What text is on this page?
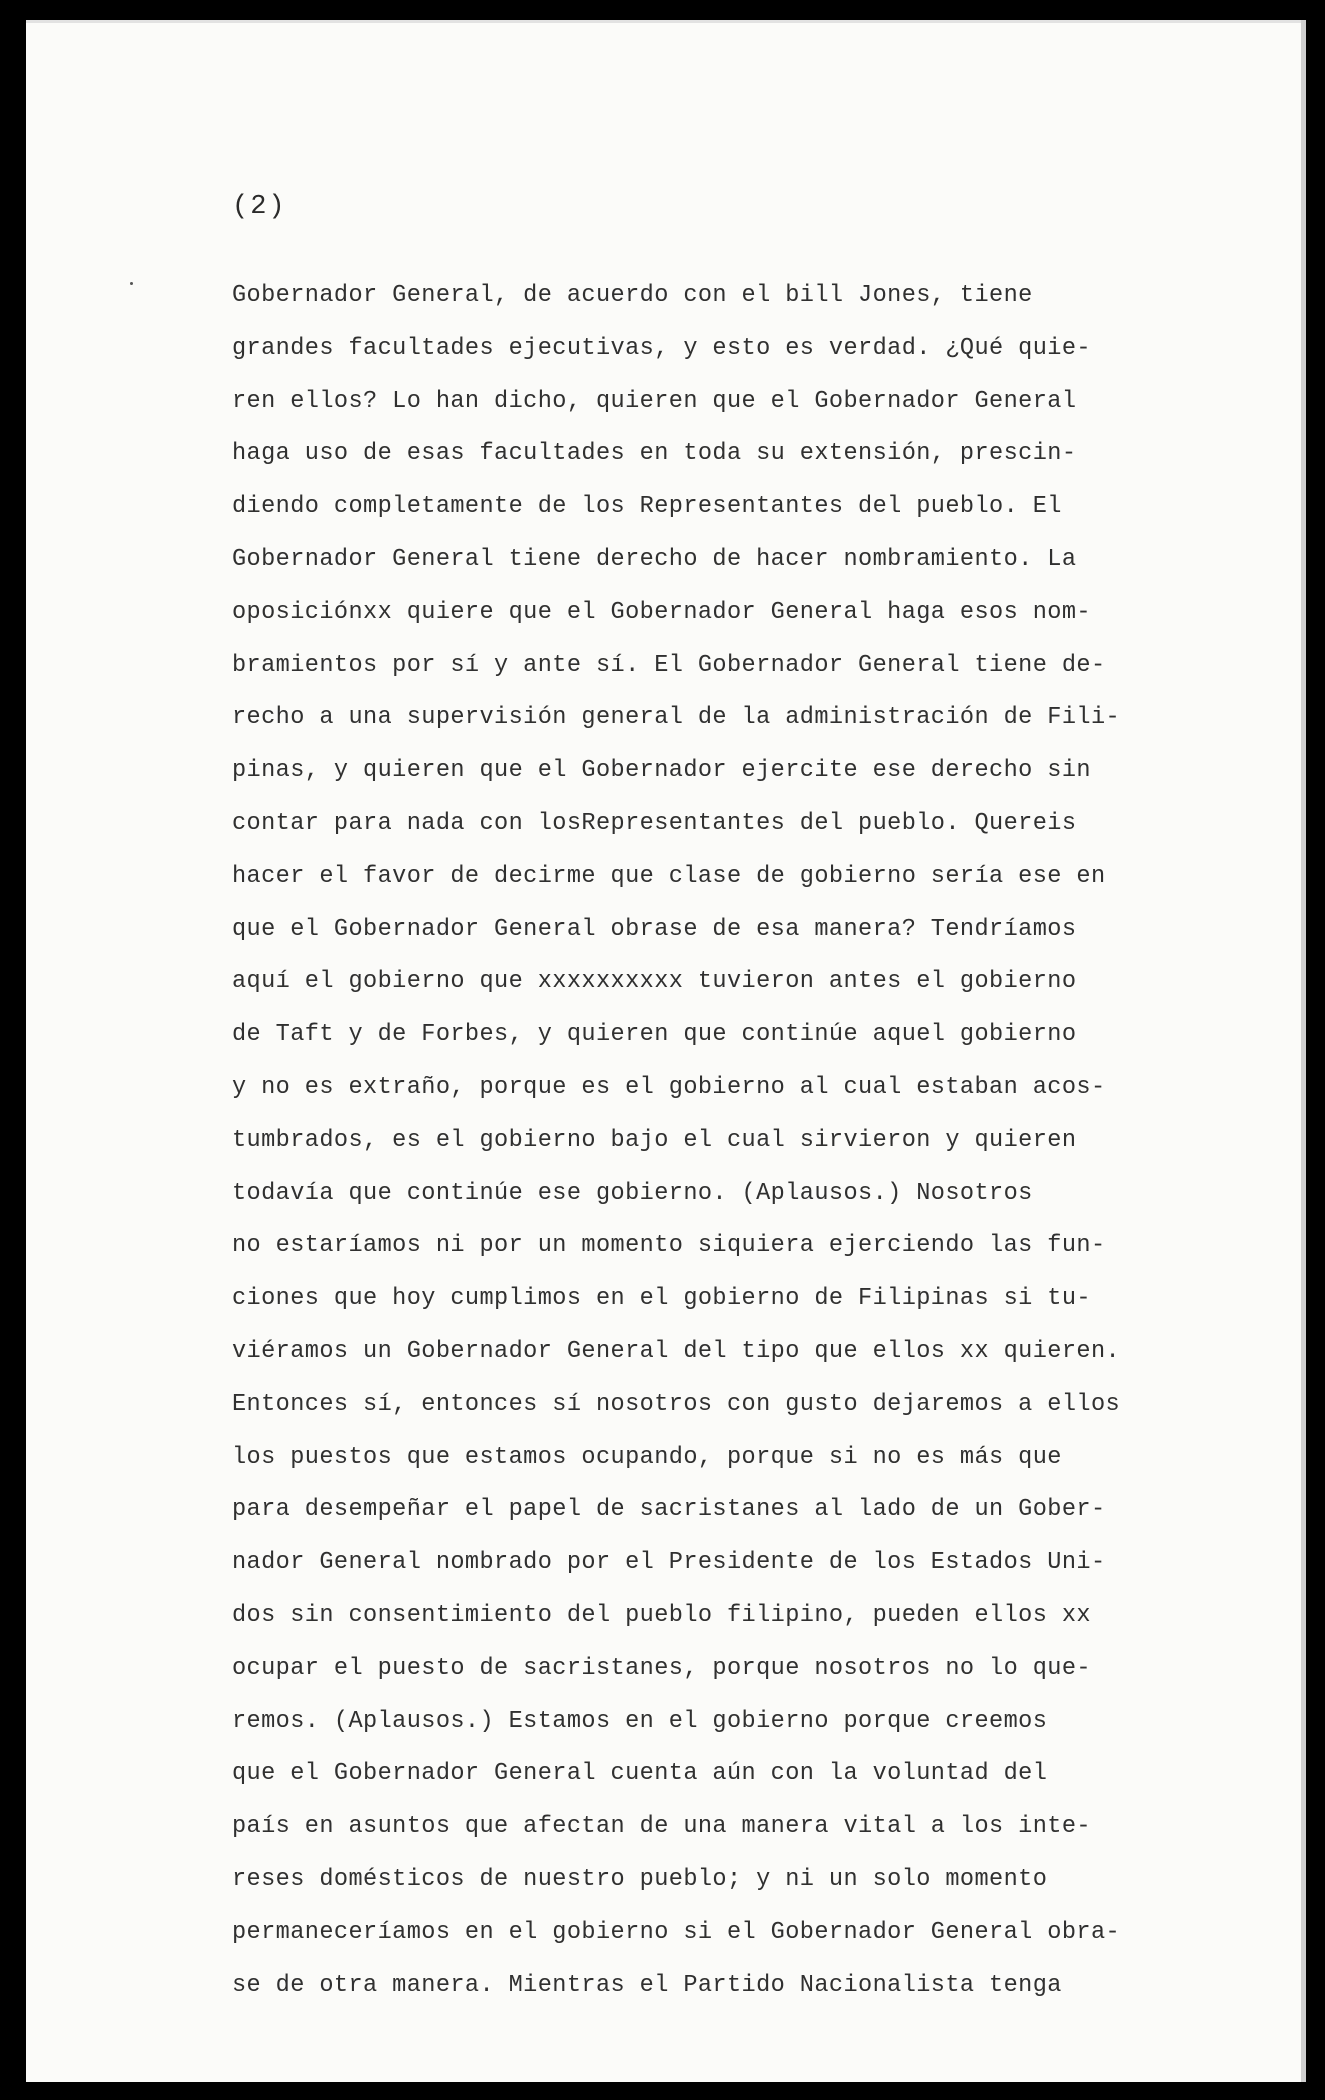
(2)
Gobernador General, de acuerdo con el bill Jones, tiene
grandes facultades ejecutivas, y esto es verdad. ¿Qué quie-
ren ellos? Lo han dicho, quieren que el Gobernador General
haga uso de esas facultades en toda su extensión, prescin-
diendo completamente de los Representantes del pueblo. El
Gobernador General tiene derecho de hacer nombramiento. La
oposiciónxx quiere que el Gobernador General haga esos nom-
bramientos por sí y ante sí. El Gobernador General tiene de-
recho a una supervisión general de la administración de Fili-
pinas, y quieren que el Gobernador ejercite ese derecho sin
contar para nada con losRepresentantes del pueblo. Quereis
hacer el favor de decirme que clase de gobierno sería ese en
que el Gobernador General obrase de esa manera? Tendríamos
aquí el gobierno que xxxxxxxxxx tuvieron antes el gobierno
de Taft y de Forbes, y quieren que continúe aquel gobierno
y no es extraño, porque es el gobierno al cual estaban acos-
tumbrados, es el gobierno bajo el cual sirvieron y quieren
todavía que continúe ese gobierno. (Aplausos.) Nosotros
no estaríamos ni por un momento siquiera ejerciendo las fun-
ciones que hoy cumplimos en el gobierno de Filipinas si tu-
viéramos un Gobernador General del tipo que ellos xx quieren.
Entonces sí, entonces sí nosotros con gusto dejaremos a ellos
los puestos que estamos ocupando, porque si no es más que
para desempeñar el papel de sacristanes al lado de un Gober-
nador General nombrado por el Presidente de los Estados Uni-
dos sin consentimiento del pueblo filipino, pueden ellos xx
ocupar el puesto de sacristanes, porque nosotros no lo que-
remos. (Aplausos.) Estamos en el gobierno porque creemos
que el Gobernador General cuenta aún con la voluntad del
país en asuntos que afectan de una manera vital a los inte-
reses domésticos de nuestro pueblo; y ni un solo momento
permaneceríamos en el gobierno si el Gobernador General obra-
se de otra manera. Mientras el Partido Nacionalista tenga
